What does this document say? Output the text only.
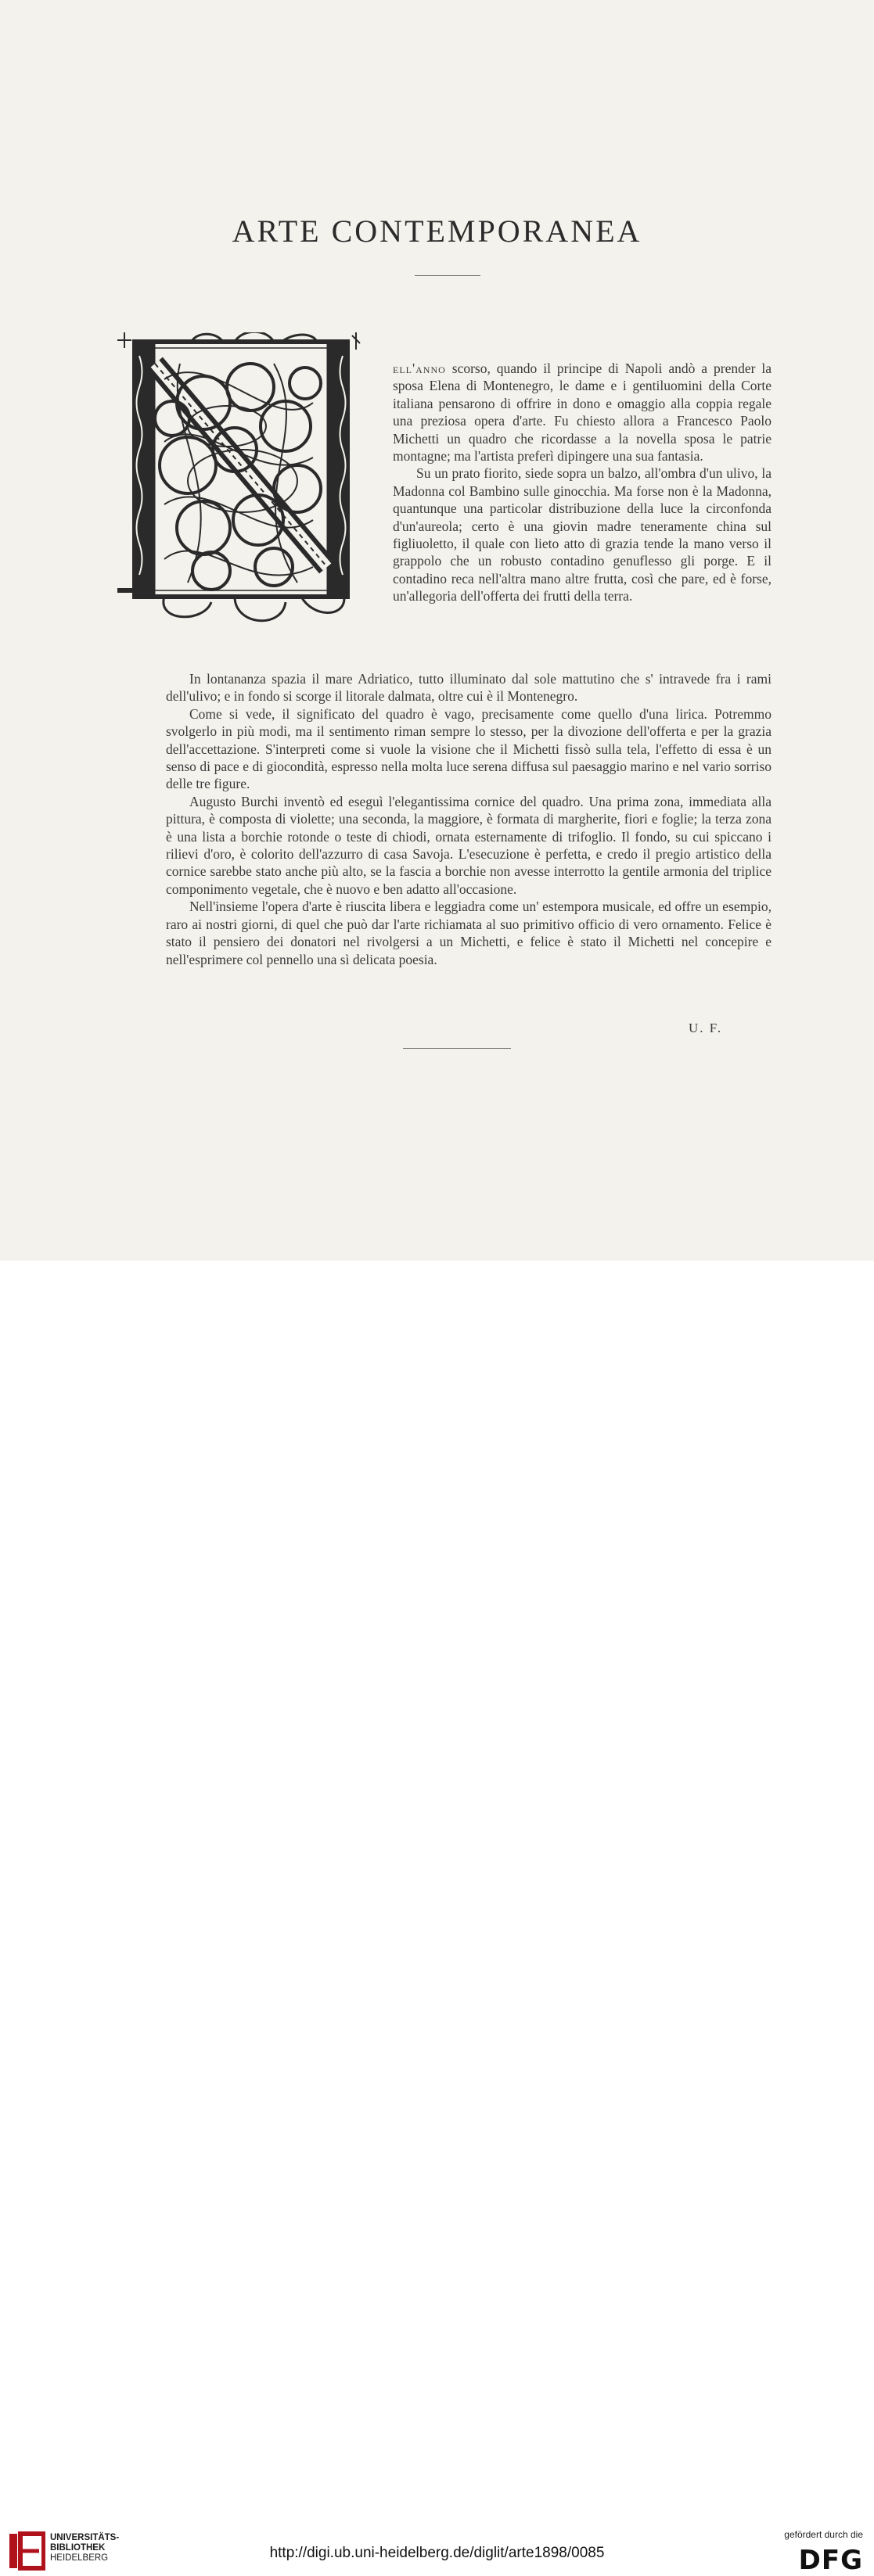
ARTE CONTEMPORANEA

ell'anno scorso, quando il principe di Napoli andò a prender la sposa Elena di Montenegro, le dame e i gentiluomini della Corte italiana pensarono di offrire in dono e omaggio alla coppia regale una preziosa opera d'arte. Fu chiesto allora a Francesco Paolo Michetti un quadro che ricordasse a la novella sposa le patrie montagne; ma l'artista preferì dipingere una sua fantasia.

Su un prato fiorito, siede sopra un balzo, all'ombra d'un ulivo, la Madonna col Bambino sulle ginocchia. Ma forse non è la Madonna, quantunque una particolar distribuzione della luce la circonfonda d'un'aureola; certo è una giovin madre teneramente china sul figliuoletto, il quale con lieto atto di grazia tende la mano verso il grappolo che un robusto contadino genuflesso gli porge. E il contadino reca nell'altra mano altre frutta, così che pare, ed è forse, un'allegoria dell'offerta dei frutti della terra.

In lontananza spazia il mare Adriatico, tutto illuminato dal sole mattutino che s' intravede fra i rami dell'ulivo; e in fondo si scorge il litorale dalmata, oltre cui è il Montenegro.

Come si vede, il significato del quadro è vago, precisamente come quello d'una lirica. Potremmo svolgerlo in più modi, ma il sentimento riman sempre lo stesso, per la divozione dell'offerta e per la grazia dell'accettazione. S'interpreti come si vuole la visione che il Michetti fissò sulla tela, l'effetto di essa è un senso di pace e di giocondità, espresso nella molta luce serena diffusa sul paesaggio marino e nel vario sorriso delle tre figure.

Augusto Burchi inventò ed eseguì l'elegantissima cornice del quadro. Una prima zona, immediata alla pittura, è composta di violette; una seconda, la maggiore, è formata di margherite, fiori e foglie; la terza zona è una lista a borchie rotonde o teste di chiodi, ornata esternamente di trifoglio. Il fondo, su cui spiccano i rilievi d'oro, è colorito dell'azzurro di casa Savoja. L'esecuzione è perfetta, e credo il pregio artistico della cornice sarebbe stato anche più alto, se la fascia a borchie non avesse interrotto la gentile armonia del triplice componimento vegetale, che è nuovo e ben adatto all'occasione.

Nell'insieme l'opera d'arte è riuscita libera e leggiadra come un' estempora musicale, ed offre un esempio, raro ai nostri giorni, di quel che può dar l'arte richiamata al suo primitivo officio di vero ornamento. Felice è stato il pensiero dei donatori nel rivolgersi a un Michetti, e felice è stato il Michetti nel concepire e nell'esprimere col pennello una sì delicata poesia.

U. F.
UNIVERSITÄTS-
BIBLIOTHEK
HEIDELBERG	http://digi.ub.uni-heidelberg.de/diglit/arte1898/0085
gefördert durch die
DFG
